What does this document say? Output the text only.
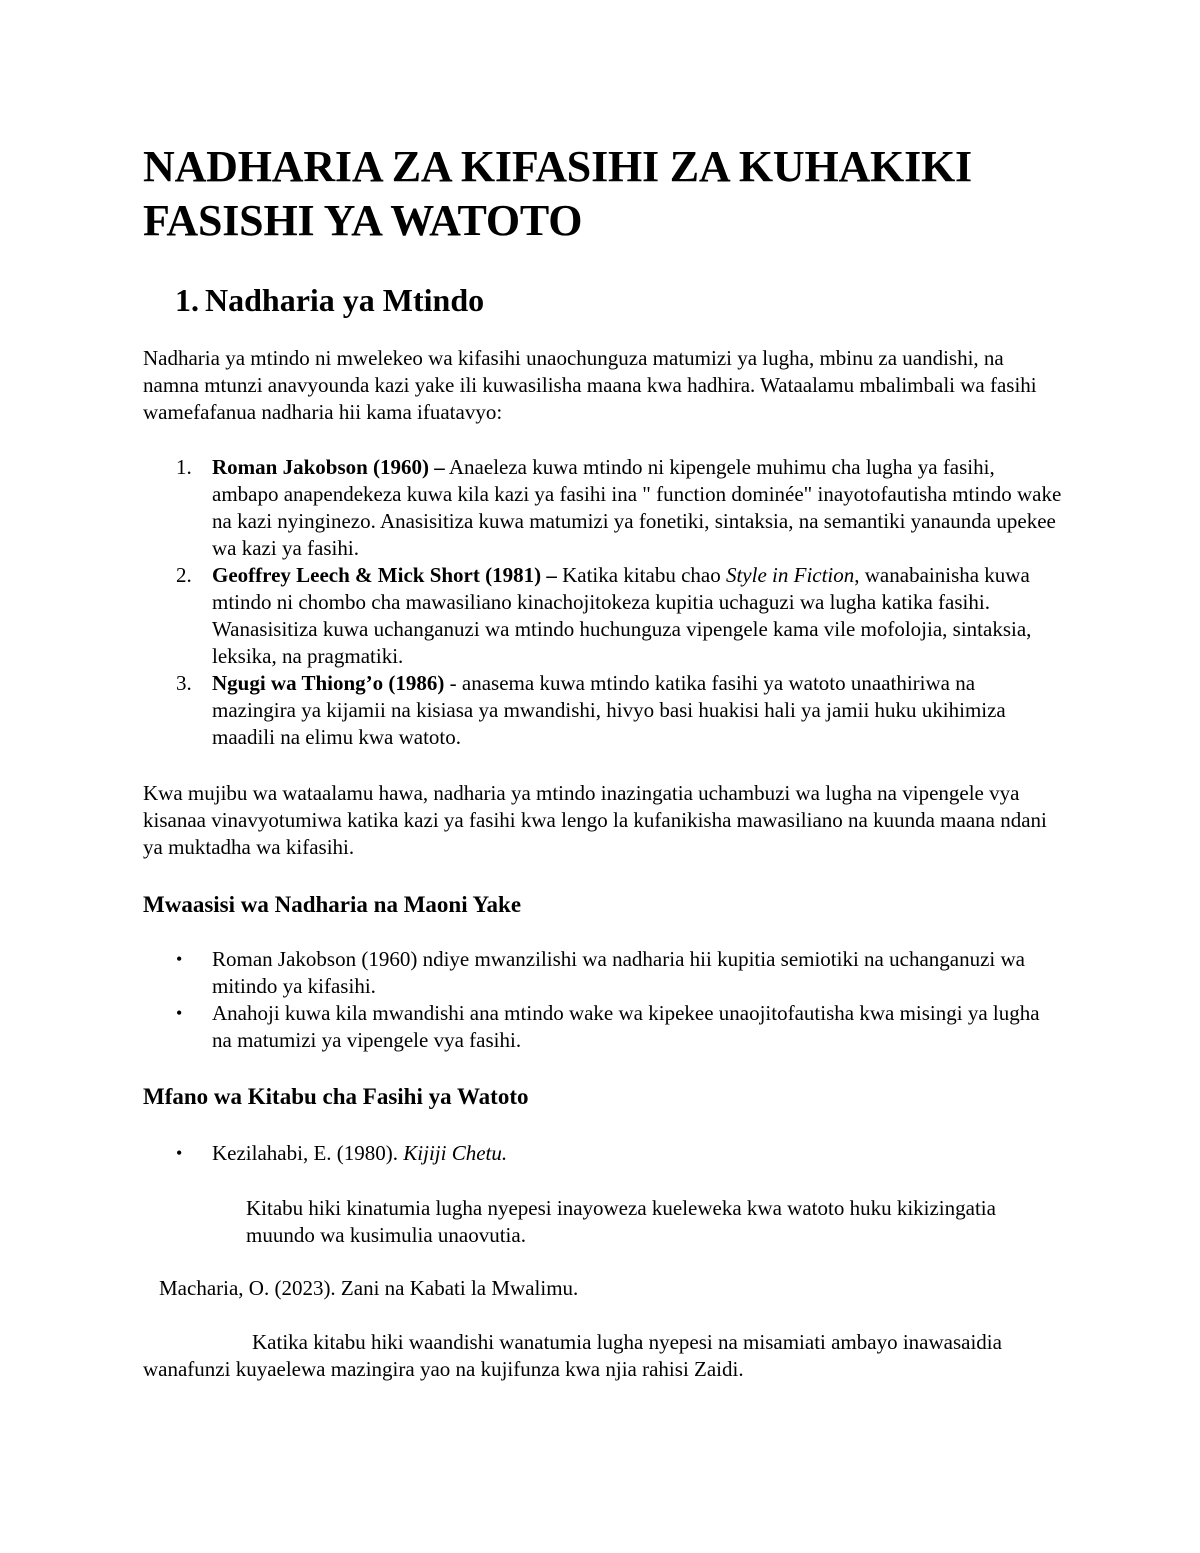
NADHARIA ZA KIFASIHI ZA KUHAKIKI FASISHI YA WATOTO
1. Nadharia ya Mtindo

Nadharia ya mtindo ni mwelekeo wa kifasihi unaochunguza matumizi ya lugha, mbinu za uandishi, na namna mtunzi anavyounda kazi yake ili kuwasilisha maana kwa hadhira. Wataalamu mbalimbali wa fasihi wamefafanua nadharia hii kama ifuatavyo:

1. Roman Jakobson (1960) – Anaeleza kuwa mtindo ni kipengele muhimu cha lugha ya fasihi, ambapo anapendekeza kuwa kila kazi ya fasihi ina " function dominée" inayotofautisha mtindo wake na kazi nyinginezo. Anasisitiza kuwa matumizi ya fonetiki, sintaksia, na semantiki yanaunda upekee wa kazi ya fasihi.
2. Geoffrey Leech & Mick Short (1981) – Katika kitabu chao Style in Fiction, wanabainisha kuwa mtindo ni chombo cha mawasiliano kinachojitokeza kupitia uchaguzi wa lugha katika fasihi. Wanasisitiza kuwa uchanganuzi wa mtindo huchunguza vipengele kama vile mofolojia, sintaksia, leksika, na pragmatiki.
3. Ngugi wa Thiong’o (1986) - anasema kuwa mtindo katika fasihi ya watoto unaathiriwa na mazingira ya kijamii na kisiasa ya mwandishi, hivyo basi huakisi hali ya jamii huku ukihimiza maadili na elimu kwa watoto.

Kwa mujibu wa wataalamu hawa, nadharia ya mtindo inazingatia uchambuzi wa lugha na vipengele vya kisanaa vinavyotumiwa katika kazi ya fasihi kwa lengo la kufanikisha mawasiliano na kuunda maana ndani ya muktadha wa kifasihi.

Mwaasisi wa Nadharia na Maoni Yake
• Roman Jakobson (1960) ndiye mwanzilishi wa nadharia hii kupitia semiotiki na uchanganuzi wa mitindo ya kifasihi.
• Anahoji kuwa kila mwandishi ana mtindo wake wa kipekee unaojitofautisha kwa misingi ya lugha na matumizi ya vipengele vya fasihi.
Mfano wa Kitabu cha Fasihi ya Watoto
• Kezilahabi, E. (1980). Kijiji Chetu.

Kitabu hiki kinatumia lugha nyepesi inayoweza kueleweka kwa watoto huku kikizingatia muundo wa kusimulia unaovutia.

Macharia, O. (2023). Zani na Kabati la Mwalimu.

Katika kitabu hiki waandishi wanatumia lugha nyepesi na misamiati ambayo inawasaidia wanafunzi kuyaelewa mazingira yao na kujifunza kwa njia rahisi Zaidi.
